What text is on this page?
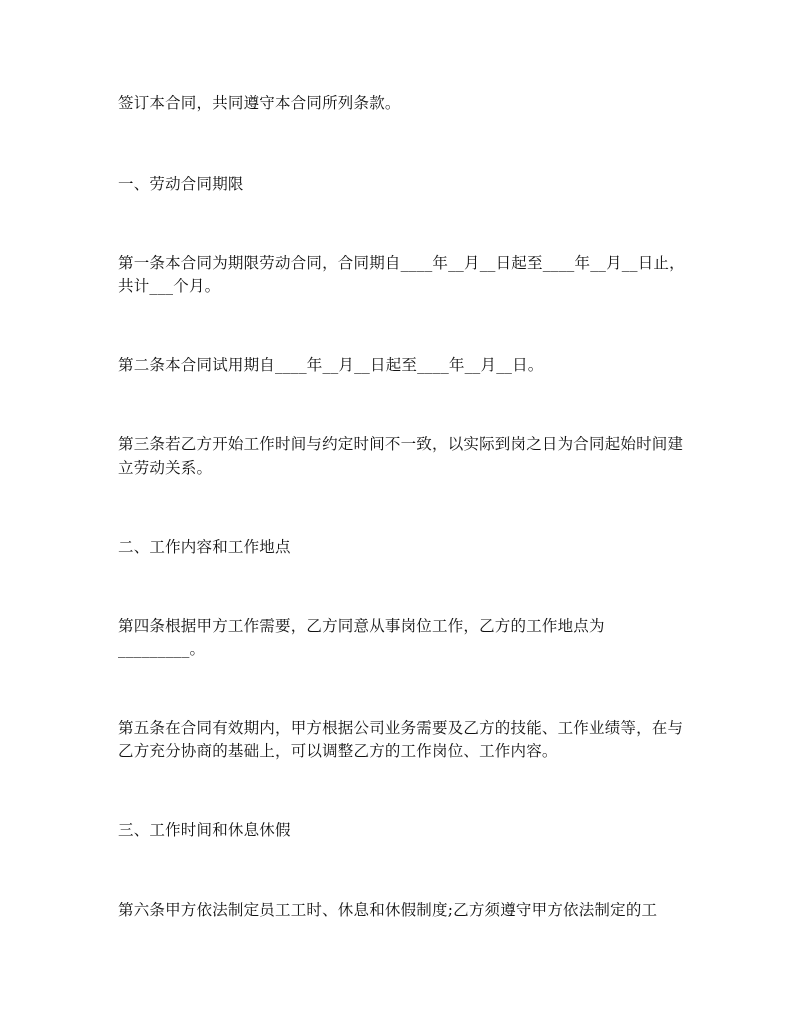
签订本合同，共同遵守本合同所列条款。
一、劳动合同期限
第一条本合同为期限劳动合同，合同期自____年__月__日起至____年__月__日止，
共计___个月。
第二条本合同试用期自____年__月__日起至____年__月__日。
第三条若乙方开始工作时间与约定时间不一致，以实际到岗之日为合同起始时间建
立劳动关系。
二、工作内容和工作地点
第四条根据甲方工作需要，乙方同意从事岗位工作，乙方的工作地点为
_________。
第五条在合同有效期内，甲方根据公司业务需要及乙方的技能、工作业绩等，在与
乙方充分协商的基础上，可以调整乙方的工作岗位、工作内容。
三、工作时间和休息休假
第六条甲方依法制定员工工时、休息和休假制度;乙方须遵守甲方依法制定的工
